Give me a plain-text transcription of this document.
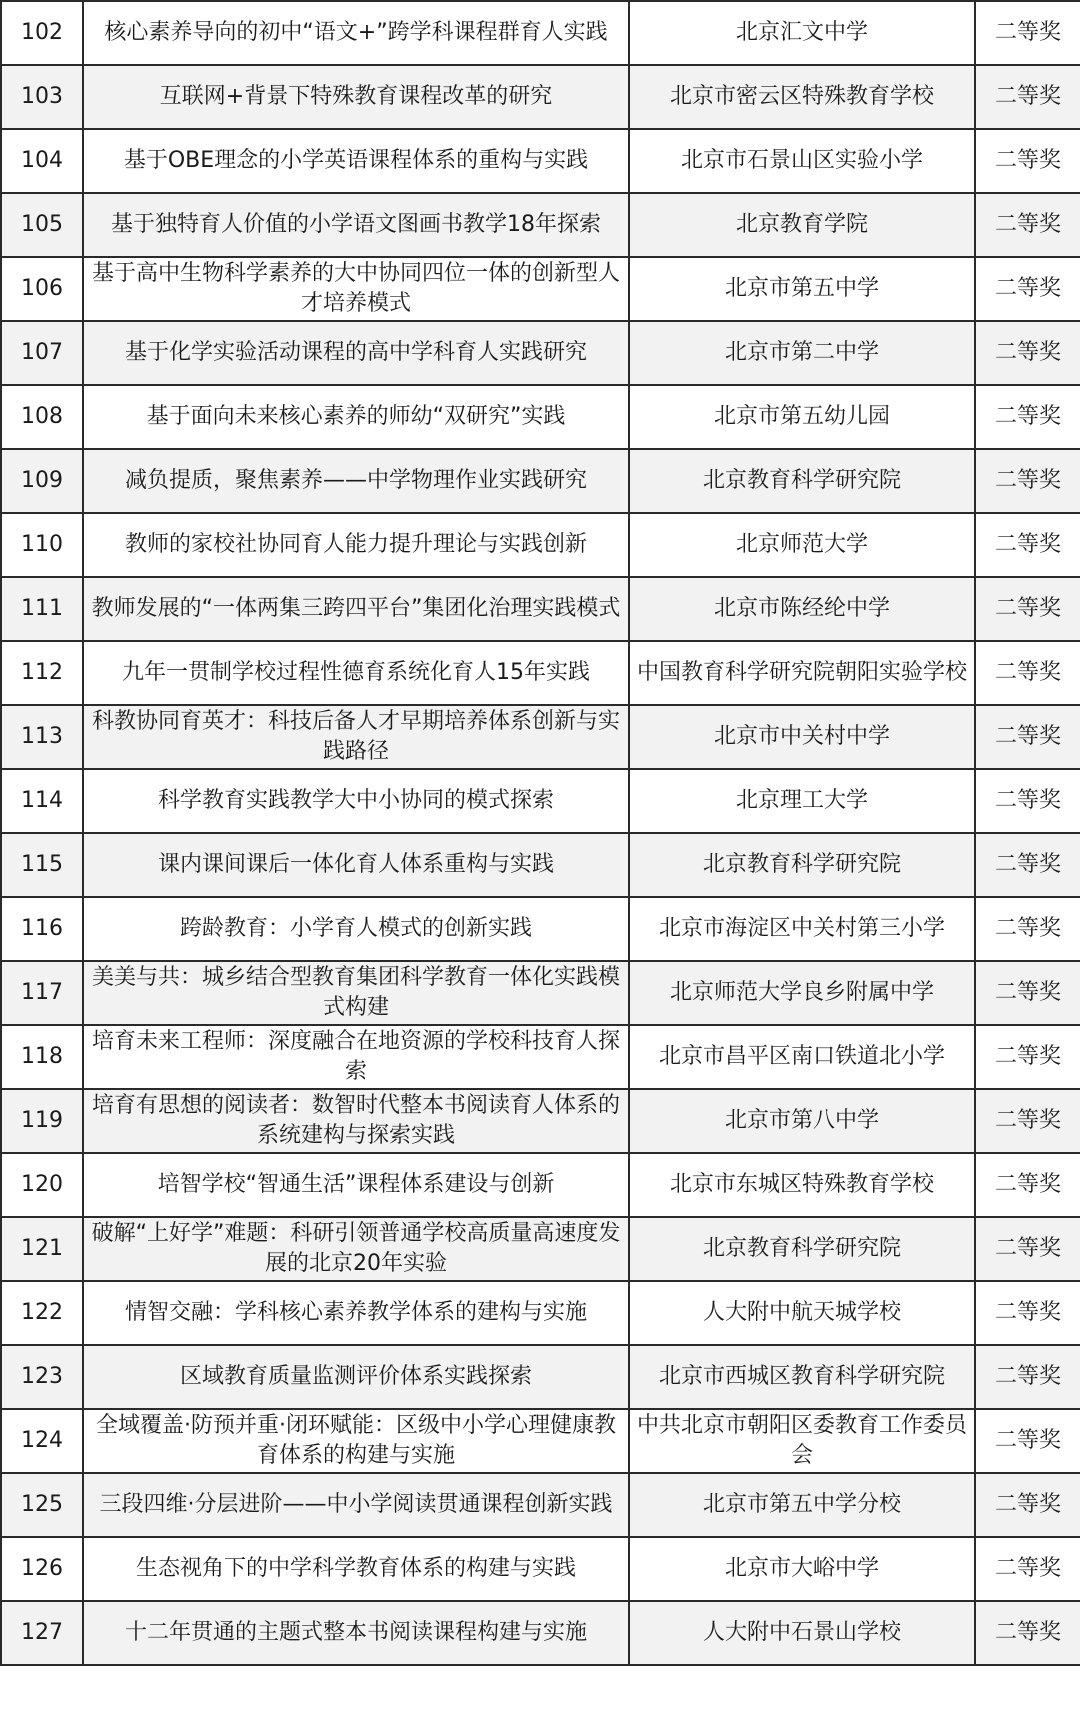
102	核心素养导向的初中“语文+”跨学科课程群育人实践	北京汇文中学	二等奖
103	互联网+背景下特殊教育课程改革的研究	北京市密云区特殊教育学校	二等奖
104	基于OBE理念的小学英语课程体系的重构与实践	北京市石景山区实验小学	二等奖
105	基于独特育人价值的小学语文图画书教学18年探索	北京教育学院	二等奖
106	基于高中生物科学素养的大中协同四位一体的创新型人才培养模式	北京市第五中学	二等奖
107	基于化学实验活动课程的高中学科育人实践研究	北京市第二中学	二等奖
108	基于面向未来核心素养的师幼“双研究”实践	北京市第五幼儿园	二等奖
109	减负提质，聚焦素养——中学物理作业实践研究	北京教育科学研究院	二等奖
110	教师的家校社协同育人能力提升理论与实践创新	北京师范大学	二等奖
111	教师发展的“一体两集三跨四平台”集团化治理实践模式	北京市陈经纶中学	二等奖
112	九年一贯制学校过程性德育系统化育人15年实践	中国教育科学研究院朝阳实验学校	二等奖
113	科教协同育英才：科技后备人才早期培养体系创新与实践路径	北京市中关村中学	二等奖
114	科学教育实践教学大中小协同的模式探索	北京理工大学	二等奖
115	课内课间课后一体化育人体系重构与实践	北京教育科学研究院	二等奖
116	跨龄教育：小学育人模式的创新实践	北京市海淀区中关村第三小学	二等奖
117	美美与共：城乡结合型教育集团科学教育一体化实践模式构建	北京师范大学良乡附属中学	二等奖
118	培育未来工程师：深度融合在地资源的学校科技育人探索	北京市昌平区南口铁道北小学	二等奖
119	培育有思想的阅读者：数智时代整本书阅读育人体系的系统建构与探索实践	北京市第八中学	二等奖
120	培智学校“智通生活”课程体系建设与创新	北京市东城区特殊教育学校	二等奖
121	破解“上好学”难题：科研引领普通学校高质量高速度发展的北京20年实验	北京教育科学研究院	二等奖
122	情智交融：学科核心素养教学体系的建构与实施	人大附中航天城学校	二等奖
123	区域教育质量监测评价体系实践探索	北京市西城区教育科学研究院	二等奖
124	全域覆盖·防预并重·闭环赋能：区级中小学心理健康教育体系的构建与实施	中共北京市朝阳区委教育工作委员会	二等奖
125	三段四维·分层进阶——中小学阅读贯通课程创新实践	北京市第五中学分校	二等奖
126	生态视角下的中学科学教育体系的构建与实践	北京市大峪中学	二等奖
127	十二年贯通的主题式整本书阅读课程构建与实施	人大附中石景山学校	二等奖
